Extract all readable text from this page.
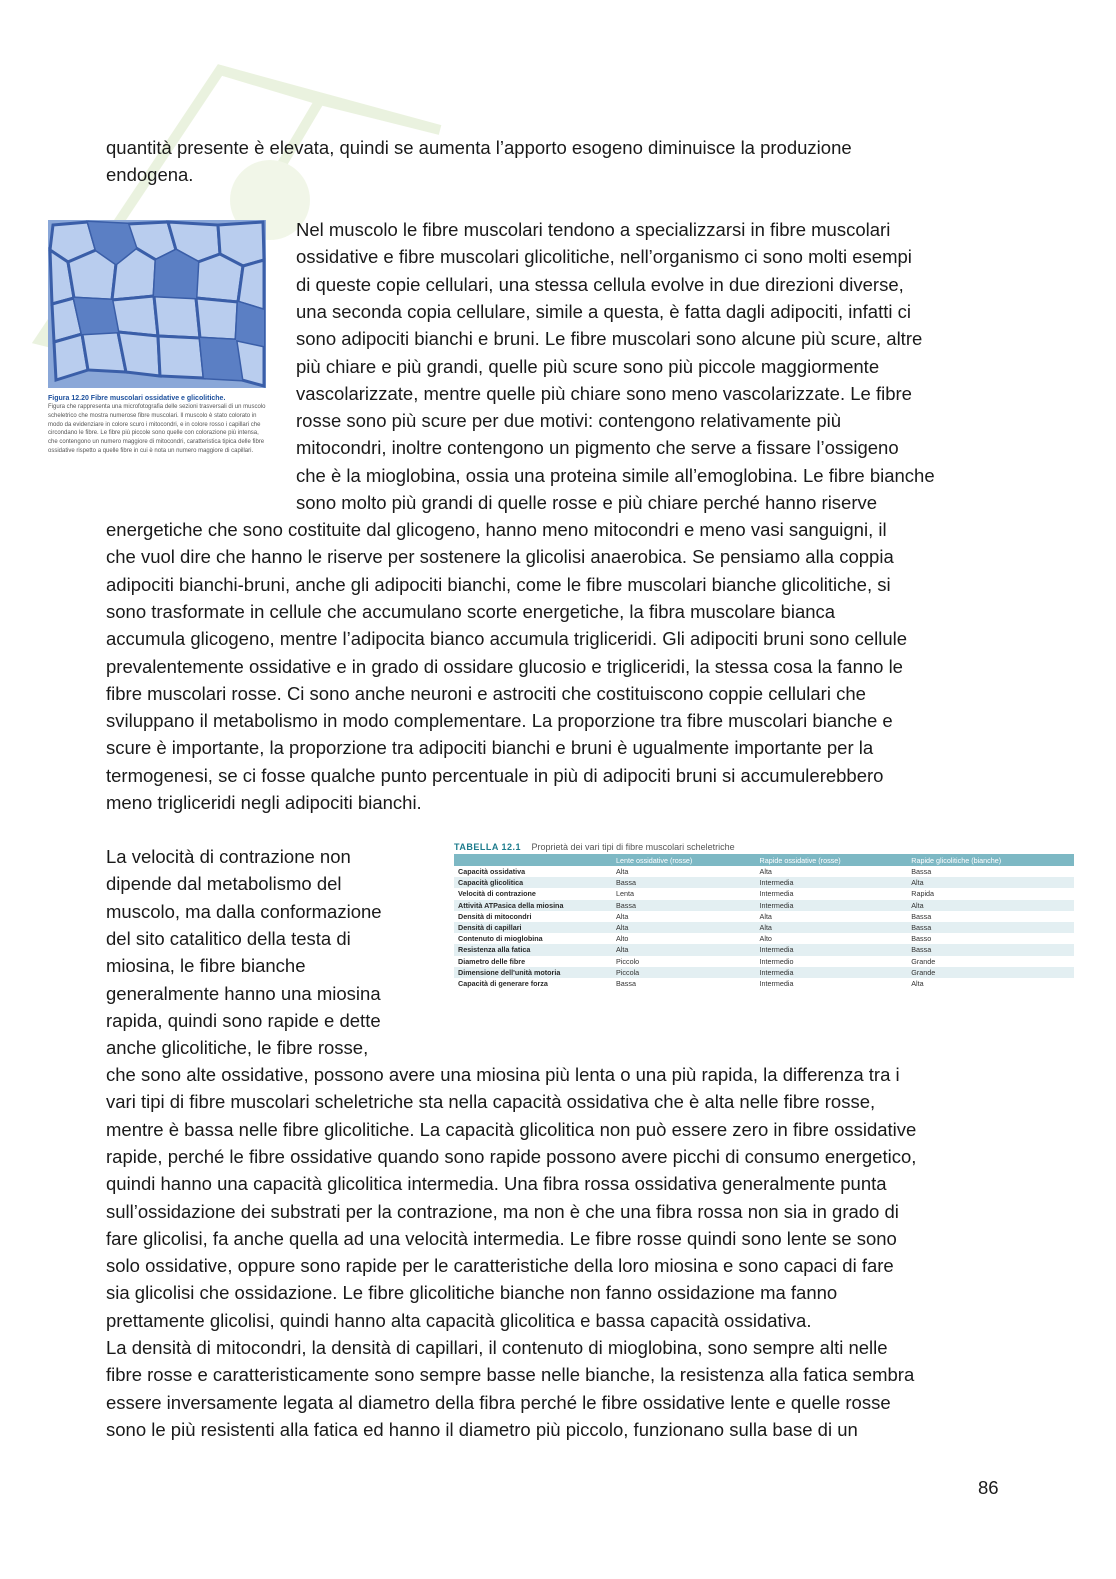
quantità presente è elevata, quindi se aumenta l’apporto esogeno diminuisce la produzione
endogena.
Figura 12.20 Fibre muscolari ossidative e glicolitiche.
Figura che rappresenta una microfotografia delle sezioni trasversali di un muscolo scheletrico che mostra numerose fibre muscolari. Il muscolo è stato colorato in modo da evidenziare in colore scuro i mitocondri, e in colore rosso i capillari che circondano le fibre. Le fibre più piccole sono quelle con colorazione più intensa, che contengono un numero maggiore di mitocondri, caratteristica tipica delle fibre ossidative rispetto a quelle fibre in cui è nota un numero maggiore di capillari.
Nel muscolo le fibre muscolari tendono a specializzarsi in fibre muscolari
ossidative e fibre muscolari glicolitiche, nell’organismo ci sono molti esempi
di queste copie cellulari, una stessa cellula evolve in due direzioni diverse,
una seconda copia cellulare, simile a questa, è fatta dagli adipociti, infatti ci
sono adipociti bianchi e bruni. Le fibre muscolari sono alcune più scure, altre
più chiare e più grandi, quelle più scure sono più piccole maggiormente
vascolarizzate, mentre quelle più chiare sono meno vascolarizzate. Le fibre
rosse sono più scure per due motivi: contengono relativamente più
mitocondri, inoltre contengono un pigmento che serve a fissare l’ossigeno
che è la mioglobina, ossia una proteina simile all’emoglobina. Le fibre bianche
sono molto più grandi di quelle rosse e più chiare perché hanno riserve
energetiche che sono costituite dal glicogeno, hanno meno mitocondri e meno vasi sanguigni, il
che vuol dire che hanno le riserve per sostenere la glicolisi anaerobica. Se pensiamo alla coppia
adipociti bianchi-bruni, anche gli adipociti bianchi, come le fibre muscolari bianche glicolitiche, si
sono trasformate in cellule che accumulano scorte energetiche, la fibra muscolare bianca
accumula glicogeno, mentre l’adipocita bianco accumula trigliceridi. Gli adipociti bruni sono cellule
prevalentemente ossidative e in grado di ossidare glucosio e trigliceridi, la stessa cosa la fanno le
fibre muscolari rosse. Ci sono anche neuroni e astrociti che costituiscono coppie cellulari che
sviluppano il metabolismo in modo complementare. La proporzione tra fibre muscolari bianche e
scure è importante, la proporzione tra adipociti bianchi e bruni è ugualmente importante per la
termogenesi, se ci fosse qualche punto percentuale in più di adipociti bruni si accumulerebbero
meno trigliceridi negli adipociti bianchi.
La velocità di contrazione non
dipende dal metabolismo del
muscolo, ma dalla conformazione
del sito catalitico della testa di
miosina, le fibre bianche
generalmente hanno una miosina
rapida, quindi sono rapide e dette
anche glicolitiche, le fibre rosse,
TABELLA 12.1 Proprietà dei vari tipi di fibre muscolari scheletriche
	Lente ossidative (rosse)	Rapide ossidative (rosse)	Rapide glicolitiche (bianche)
Capacità ossidativa	Alta	Alta	Bassa
Capacità glicolitica	Bassa	Intermedia	Alta
Velocità di contrazione	Lenta	Intermedia	Rapida
Attività ATPasica della miosina	Bassa	Intermedia	Alta
Densità di mitocondri	Alta	Alta	Bassa
Densità di capillari	Alta	Alta	Bassa
Contenuto di mioglobina	Alto	Alto	Basso
Resistenza alla fatica	Alta	Intermedia	Bassa
Diametro delle fibre	Piccolo	Intermedio	Grande
Dimensione dell'unità motoria	Piccola	Intermedia	Grande
Capacità di generare forza	Bassa	Intermedia	Alta
che sono alte ossidative, possono avere una miosina più lenta o una più rapida, la differenza tra i
vari tipi di fibre muscolari scheletriche sta nella capacità ossidativa che è alta nelle fibre rosse,
mentre è bassa nelle fibre glicolitiche. La capacità glicolitica non può essere zero in fibre ossidative
rapide, perché le fibre ossidative quando sono rapide possono avere picchi di consumo energetico,
quindi hanno una capacità glicolitica intermedia. Una fibra rossa ossidativa generalmente punta
sull’ossidazione dei substrati per la contrazione, ma non è che una fibra rossa non sia in grado di
fare glicolisi, fa anche quella ad una velocità intermedia. Le fibre rosse quindi sono lente se sono
solo ossidative, oppure sono rapide per le caratteristiche della loro miosina e sono capaci di fare
sia glicolisi che ossidazione. Le fibre glicolitiche bianche non fanno ossidazione ma fanno
prettamente glicolisi, quindi hanno alta capacità glicolitica e bassa capacità ossidativa.
La densità di mitocondri, la densità di capillari, il contenuto di mioglobina, sono sempre alti nelle
fibre rosse e caratteristicamente sono sempre basse nelle bianche, la resistenza alla fatica sembra
essere inversamente legata al diametro della fibra perché le fibre ossidative lente e quelle rosse
sono le più resistenti alla fatica ed hanno il diametro più piccolo, funzionano sulla base di un
86
